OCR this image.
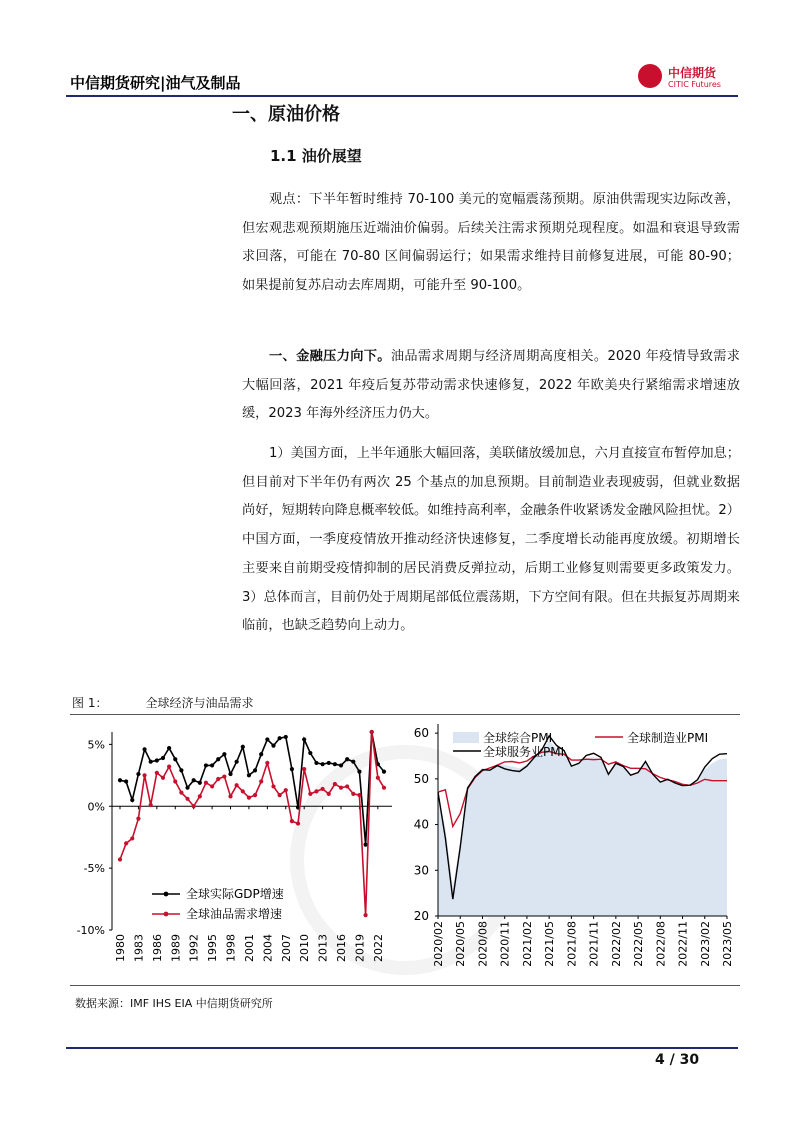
中信期货研究|油气及制品
中信期货
CITIC Futures
一、原油价格
1.1 油价展望

观点：下半年暂时维持 70-100 美元的宽幅震荡预期。原油供需现实边际改善，但宏观悲观预期施压近端油价偏弱。后续关注需求预期兑现程度。如温和衰退导致需求回落，可能在 70-80 区间偏弱运行；如果需求维持目前修复进展，可能 80-90；如果提前复苏启动去库周期，可能升至 90-100。

一、金融压力向下。油品需求周期与经济周期高度相关。2020 年疫情导致需求大幅回落，2021 年疫后复苏带动需求快速修复，2022 年欧美央行紧缩需求增速放缓，2023 年海外经济压力仍大。

1）美国方面，上半年通胀大幅回落，美联储放缓加息，六月直接宣布暂停加息；但目前对下半年仍有两次 25 个基点的加息预期。目前制造业表现疲弱，但就业数据尚好，短期转向降息概率较低。如维持高利率，金融条件收紧诱发金融风险担忧。2）中国方面，一季度疫情放开推动经济快速修复，二季度增长动能再度放缓。初期增长主要来自前期受疫情抑制的居民消费反弹拉动，后期工业修复则需要更多政策发力。3）总体而言，目前仍处于周期尾部低位震荡期，下方空间有限。但在共振复苏周期来临前，也缺乏趋势向上动力。

图 1：	全球经济与油品需求
5%
0%
-5%
-10%
1980 1983 1986 1989 1992 1995 1998 2001 2004 2007 2010 2013 2016 2019 2022
全球实际GDP增速
全球油品需求增速
60
50
40
30
20
2020/02 2020/05 2020/08 2020/11 2021/02 2021/05 2021/08 2021/11 2022/02 2022/05 2022/08 2022/11 2023/02 2023/05
全球综合PMI	全球制造业PMI
全球服务业PMI
数据来源：IMF IHS EIA 中信期货研究所
4 / 30
